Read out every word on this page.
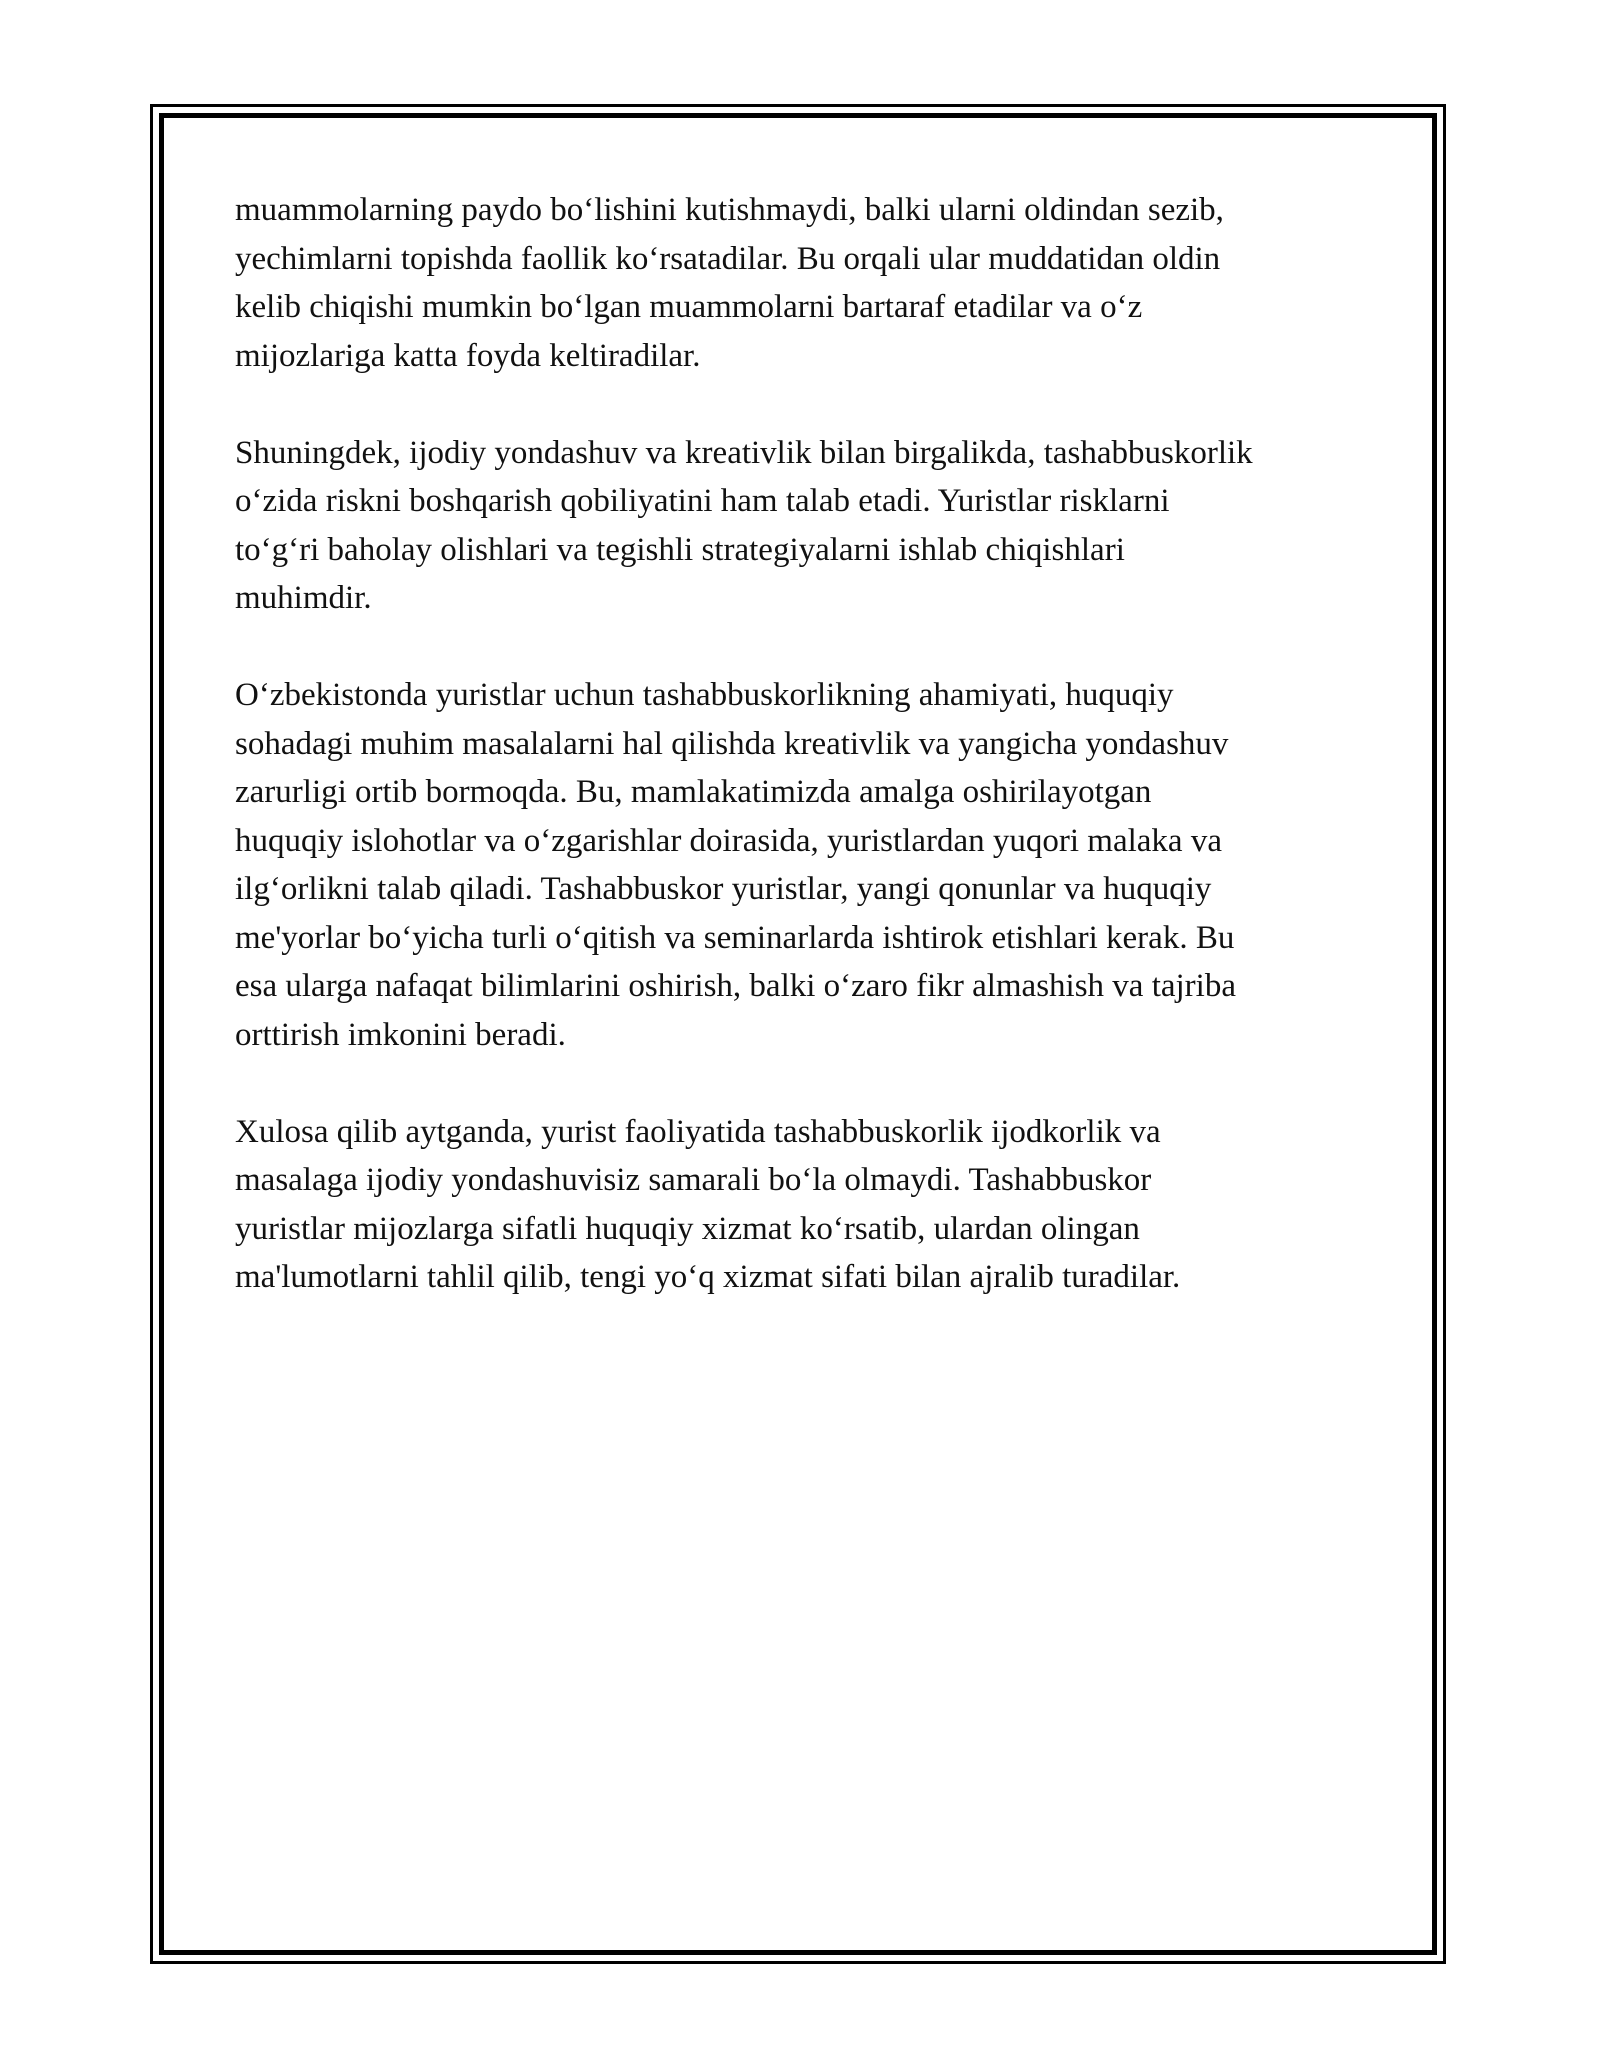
muammolarning paydo bo‘lishini kutishmaydi, balki ularni oldindan sezib,
yechimlarni topishda faollik ko‘rsatadilar. Bu orqali ular muddatidan oldin
kelib chiqishi mumkin bo‘lgan muammolarni bartaraf etadilar va o‘z
mijozlariga katta foyda keltiradilar.

Shuningdek, ijodiy yondashuv va kreativlik bilan birgalikda, tashabbuskorlik
o‘zida riskni boshqarish qobiliyatini ham talab etadi. Yuristlar risklarni
to‘g‘ri baholay olishlari va tegishli strategiyalarni ishlab chiqishlari
muhimdir.

O‘zbekistonda yuristlar uchun tashabbuskorlikning ahamiyati, huquqiy
sohadagi muhim masalalarni hal qilishda kreativlik va yangicha yondashuv
zarurligi ortib bormoqda. Bu, mamlakatimizda amalga oshirilayotgan
huquqiy islohotlar va o‘zgarishlar doirasida, yuristlardan yuqori malaka va
ilg‘orlikni talab qiladi. Tashabbuskor yuristlar, yangi qonunlar va huquqiy
me'yorlar bo‘yicha turli o‘qitish va seminarlarda ishtirok etishlari kerak. Bu
esa ularga nafaqat bilimlarini oshirish, balki o‘zaro fikr almashish va tajriba
orttirish imkonini beradi.

Xulosa qilib aytganda, yurist faoliyatida tashabbuskorlik ijodkorlik va
masalaga ijodiy yondashuvisiz samarali bo‘la olmaydi. Tashabbuskor
yuristlar mijozlarga sifatli huquqiy xizmat ko‘rsatib, ulardan olingan
ma'lumotlarni tahlil qilib, tengi yo‘q xizmat sifati bilan ajralib turadilar.
